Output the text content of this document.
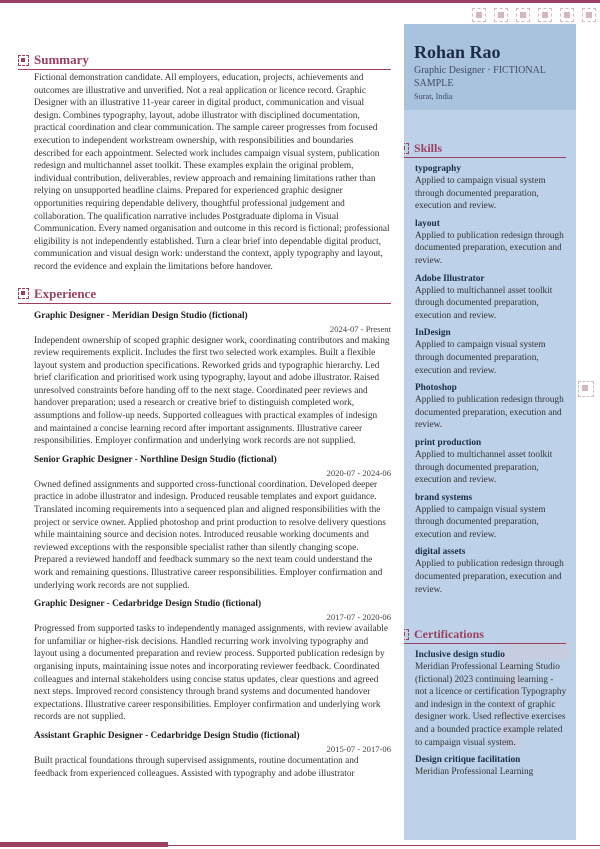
Summary

Fictional demonstration candidate. All employers, education, projects, achievements and outcomes are illustrative and unverified. Not a real application or licence record. Graphic Designer with an illustrative 11-year career in digital product, communication and visual design. Combines typography, layout, adobe illustrator with disciplined documentation, practical coordination and clear communication. The sample career progresses from focused execution to independent workstream ownership, with responsibilities and boundaries described for each appointment. Selected work includes campaign visual system, publication redesign and multichannel asset toolkit. These examples explain the original problem, individual contribution, deliverables, review approach and remaining limitations rather than relying on unsupported headline claims. Prepared for experienced graphic designer opportunities requiring dependable delivery, thoughtful professional judgement and collaboration. The qualification narrative includes Postgraduate diploma in Visual Communication. Every named organisation and outcome in this record is fictional; professional eligibility is not independently established. Turn a clear brief into dependable digital product, communication and visual design work: understand the context, apply typography and layout, record the evidence and explain the limitations before handover.

Experience
Graphic Designer - Meridian Design Studio (fictional)
2024-07 - Present

Independent ownership of scoped graphic designer work, coordinating contributors and making review requirements explicit. Includes the first two selected work examples. Built a flexible layout system and production specifications. Reworked grids and typographic hierarchy. Led brief clarification and prioritised work using typography, layout and adobe illustrator. Raised unresolved constraints before handing off to the next stage. Coordinated peer reviews and handover preparation; used a research or creative brief to distinguish completed work, assumptions and follow-up needs. Supported colleagues with practical examples of indesign and maintained a concise learning record after important assignments. Illustrative career responsibilities. Employer confirmation and underlying work records are not supplied.

Senior Graphic Designer - Northline Design Studio (fictional)
2020-07 - 2024-06

Owned defined assignments and supported cross-functional coordination. Developed deeper practice in adobe illustrator and indesign. Produced reusable templates and export guidance. Translated incoming requirements into a sequenced plan and aligned responsibilities with the project or service owner. Applied photoshop and print production to resolve delivery questions while maintaining source and decision notes. Introduced reusable working documents and reviewed exceptions with the responsible specialist rather than silently changing scope. Prepared a reviewed handoff and feedback summary so the next team could understand the work and remaining questions. Illustrative career responsibilities. Employer confirmation and underlying work records are not supplied.

Graphic Designer - Cedarbridge Design Studio (fictional)
2017-07 - 2020-06

Progressed from supported tasks to independently managed assignments, with review available for unfamiliar or higher-risk decisions. Handled recurring work involving typography and layout using a documented preparation and review process. Supported publication redesign by organising inputs, maintaining issue notes and incorporating reviewer feedback. Coordinated colleagues and internal stakeholders using concise status updates, clear questions and agreed next steps. Improved record consistency through brand systems and documented handover expectations. Illustrative career responsibilities. Employer confirmation and underlying work records are not supplied.

Assistant Graphic Designer - Cedarbridge Design Studio (fictional)
2015-07 - 2017-06

Built practical foundations through supervised assignments, routine documentation and feedback from experienced colleagues. Assisted with typography and adobe illustrator

Rohan Rao
Graphic Designer · FICTIONAL SAMPLE
Surat, India
Skills
typography
Applied to campaign visual system through documented preparation, execution and review.
layout
Applied to publication redesign through documented preparation, execution and review.
Adobe Illustrator
Applied to multichannel asset toolkit through documented preparation, execution and review.
InDesign
Applied to campaign visual system through documented preparation, execution and review.
Photoshop
Applied to publication redesign through documented preparation, execution and review.
print production
Applied to multichannel asset toolkit through documented preparation, execution and review.
brand systems
Applied to campaign visual system through documented preparation, execution and review.
digital assets
Applied to publication redesign through documented preparation, execution and review.
Certifications
Inclusive design studio
Meridian Professional Learning Studio (fictional) 2023 continuing learning - not a licence or certification Typography and indesign in the context of graphic designer work. Used reflective exercises and a bounded practice example related to campaign visual system.
Design critique facilitation
Meridian Professional Learning
